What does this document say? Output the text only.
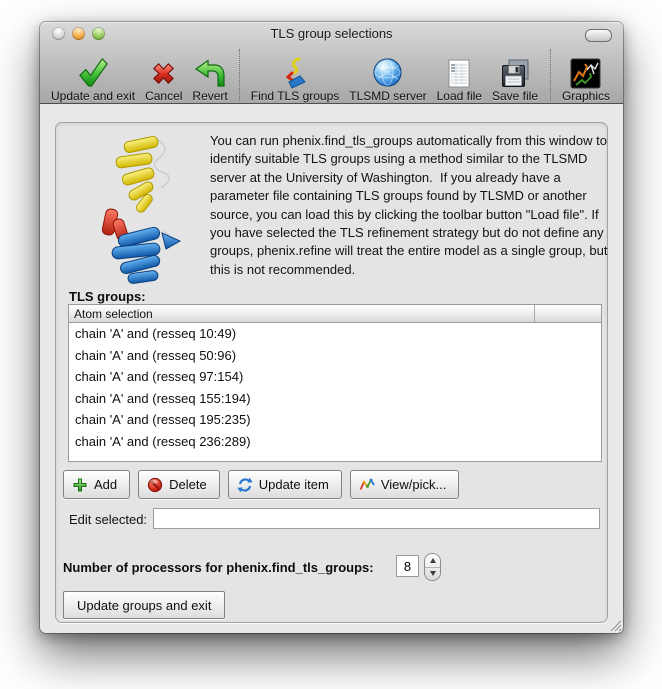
TLS group selections
Update and exit Cancel Revert Find TLS groups TLSMD server Load file Save file Graphics
You can run phenix.find_tls_groups automatically from this window to identify suitable TLS groups using a method similar to the TLSMD server at the University of Washington.  If you already have a parameter file containing TLS groups found by TLSMD or another source, you can load this by clicking the toolbar button "Load file". If you have selected the TLS refinement strategy but do not define any groups, phenix.refine will treat the entire model as a single group, but this is not recommended.
TLS groups:
Atom selection
chain 'A' and (resseq 10:49)
chain 'A' and (resseq 50:96)
chain 'A' and (resseq 97:154)
chain 'A' and (resseq 155:194)
chain 'A' and (resseq 195:235)
chain 'A' and (resseq 236:289)
Add	Delete	Update item	View/pick...
Edit selected:
Number of processors for phenix.find_tls_groups:
8
Update groups and exit
